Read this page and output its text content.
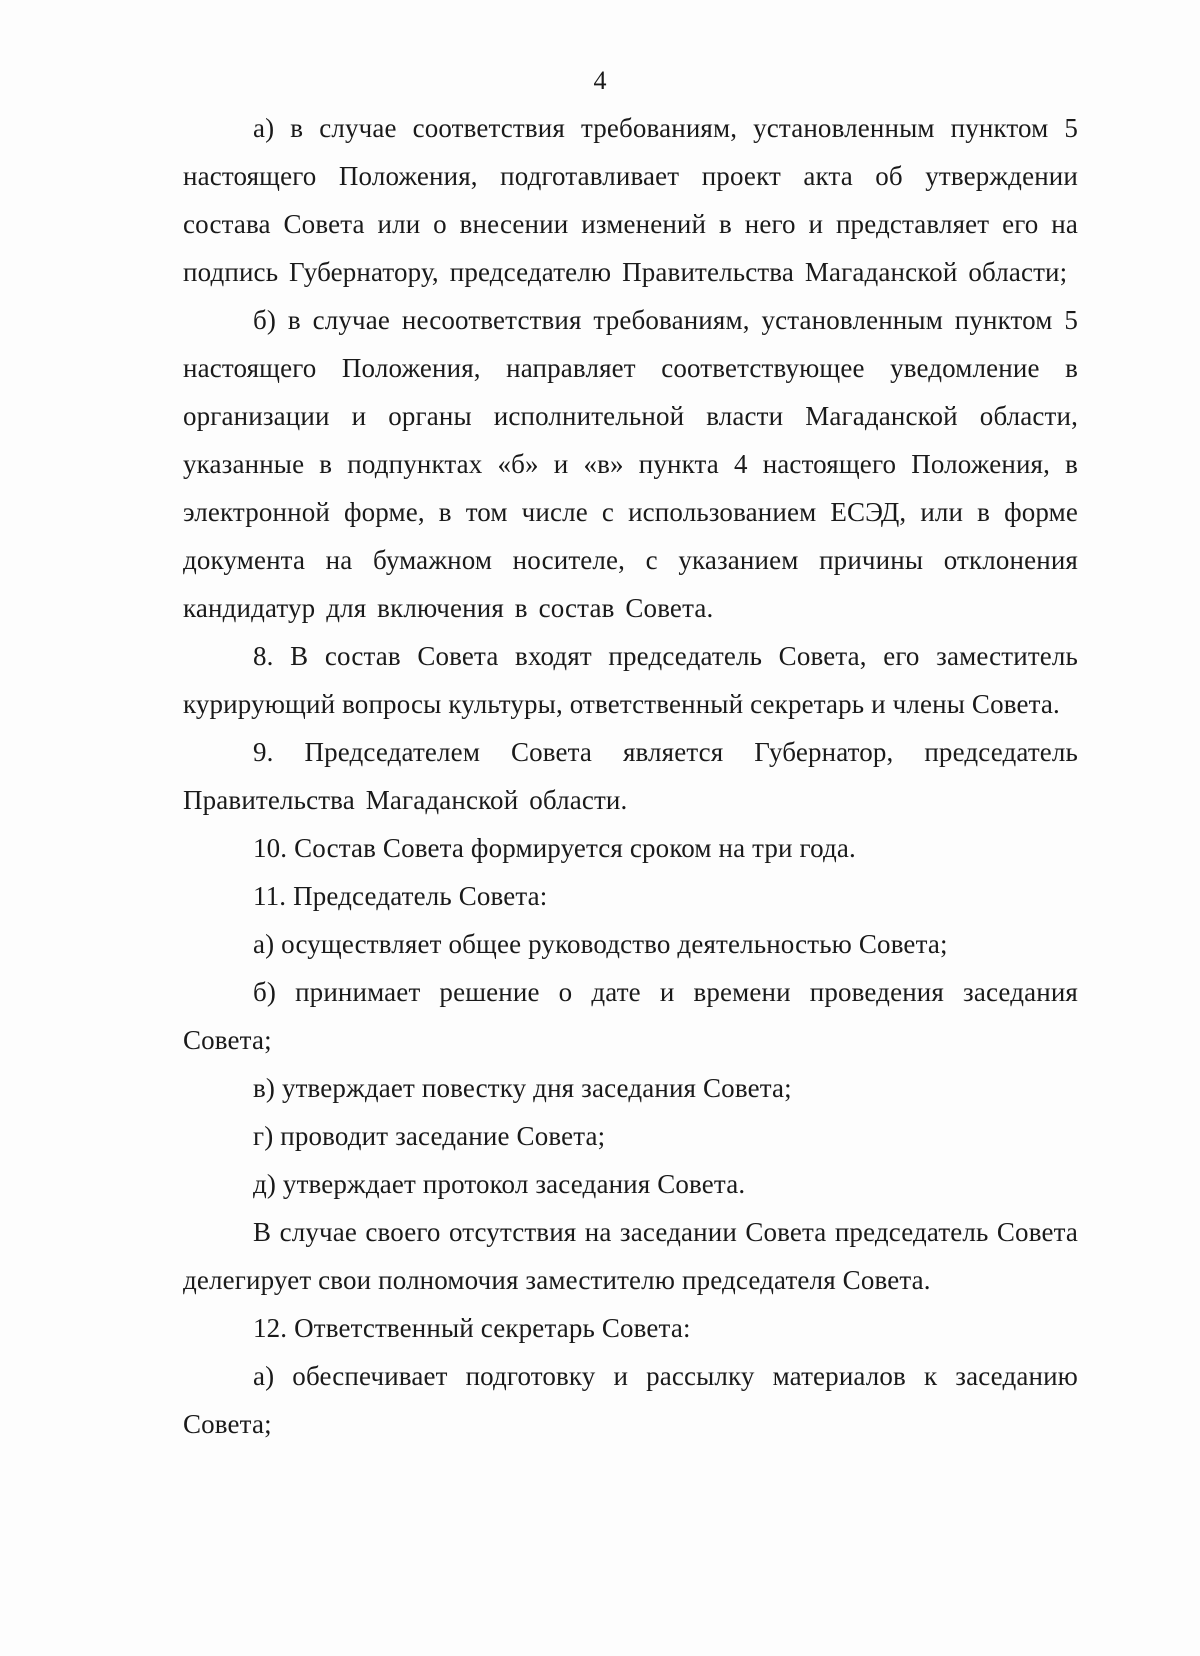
4

а) в случае соответствия требованиям, установленным пунктом 5 настоящего Положения, подготавливает проект акта об утверждении состава Совета или о внесении изменений в него и представляет его на подпись Губернатору, председателю Правительства Магаданской области;

б) в случае несоответствия требованиям, установленным пунктом 5 настоящего Положения, направляет соответствующее уведомление в организации и органы исполнительной власти Магаданской области, указанные в подпунктах «б» и «в» пункта 4 настоящего Положения, в электронной форме, в том числе с использованием ЕСЭД, или в форме документа на бумажном носителе, с указанием причины отклонения кандидатур для включения в состав Совета.

8. В состав Совета входят председатель Совета, его заместитель курирующий вопросы культуры, ответственный секретарь и члены Совета.

9. Председателем Совета является Губернатор, председатель Правительства Магаданской области.

10. Состав Совета формируется сроком на три года.

11. Председатель Совета:

а) осуществляет общее руководство деятельностью Совета;

б) принимает решение о дате и времени проведения заседания Совета;

в) утверждает повестку дня заседания Совета;

г) проводит заседание Совета;

д) утверждает протокол заседания Совета.

В случае своего отсутствия на заседании Совета председатель Совета делегирует свои полномочия заместителю председателя Совета.

12. Ответственный секретарь Совета:

а) обеспечивает подготовку и рассылку материалов к заседанию Совета;
